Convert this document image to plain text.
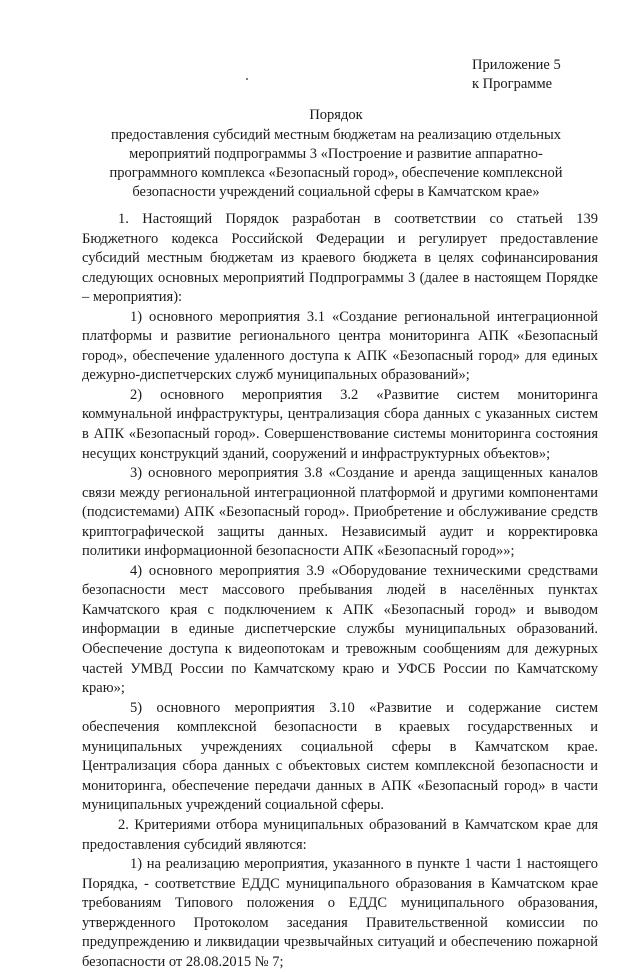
Приложение 5
к Программе
Порядок
предоставления субсидий местным бюджетам на реализацию отдельных мероприятий подпрограммы 3 «Построение и развитие аппаратно-программного комплекса «Безопасный город», обеспечение комплексной безопасности учреждений социальной сферы в Камчатском крае»

1. Настоящий Порядок разработан в соответствии со статьей 139 Бюджетного кодекса Российской Федерации и регулирует предоставление субсидий местным бюджетам из краевого бюджета в целях софинансирования следующих основных мероприятий Подпрограммы 3 (далее в настоящем Порядке – мероприятия):

1) основного мероприятия 3.1 «Создание региональной интеграционной платформы и развитие регионального центра мониторинга АПК «Безопасный город», обеспечение удаленного доступа к АПК «Безопасный город» для единых дежурно-диспетчерских служб муниципальных образований»;

2) основного мероприятия 3.2 «Развитие систем мониторинга коммунальной инфраструктуры, централизация сбора данных с указанных систем в АПК «Безопасный город». Совершенствование системы мониторинга состояния несущих конструкций зданий, сооружений и инфраструктурных объектов»;

3) основного мероприятия 3.8 «Создание и аренда защищенных каналов связи между региональной интеграционной платформой и другими компонентами (подсистемами) АПК «Безопасный город». Приобретение и обслуживание средств криптографической защиты данных. Независимый аудит и корректировка политики информационной безопасности АПК «Безопасный город»»;

4) основного мероприятия 3.9 «Оборудование техническими средствами безопасности мест массового пребывания людей в населённых пунктах Камчатского края с подключением к АПК «Безопасный город» и выводом информации в единые диспетчерские службы муниципальных образований. Обеспечение доступа к видеопотокам и тревожным сообщениям для дежурных частей УМВД России по Камчатскому краю и УФСБ России по Камчатскому краю»;

5) основного мероприятия 3.10 «Развитие и содержание систем обеспечения комплексной безопасности в краевых государственных и муниципальных учреждениях социальной сферы в Камчатском крае. Централизация сбора данных с объектовых систем комплексной безопасности и мониторинга, обеспечение передачи данных в АПК «Безопасный город» в части муниципальных учреждений социальной сферы.

2. Критериями отбора муниципальных образований в Камчатском крае для предоставления субсидий являются:

1) на реализацию мероприятия, указанного в пункте 1 части 1 настоящего Порядка, - соответствие ЕДДС муниципального образования в Камчатском крае требованиям Типового положения о ЕДДС муниципального образования, утвержденного Протоколом заседания Правительственной комиссии по предупреждению и ликвидации чрезвычайных ситуаций и обеспечению пожарной безопасности от 28.08.2015 № 7;
